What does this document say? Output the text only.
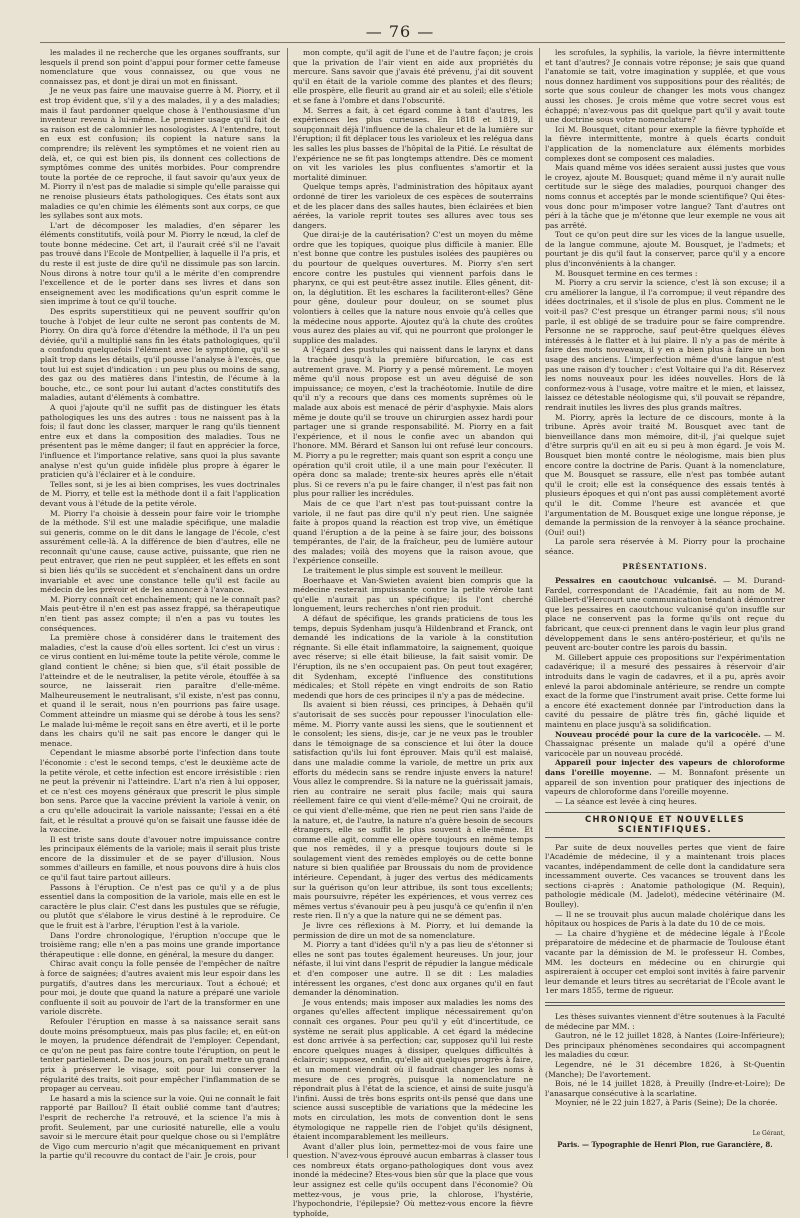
— 76 —

les malades il ne recherche que les organes souffrants, sur lesquels il prend son point d'appui pour former cette fameuse nomenclature que vous connaissez, ou que vous ne connaissez pas, et dont je dirai un mot en finissant.

Je ne veux pas faire une mauvaise guerre à M. Piorry, et il est trop évident que, s'il y a des malades, il y a des maladies; mais il faut pardonner quelque chose à l'enthousiasme d'un inventeur revenu à lui-même. Le premier usage qu'il fait de sa raison est de calomnier les nosologistes. A l'entendre, tout en eux est confusion; ils copient la nature sans la comprendre; ils relèvent les symptômes et ne voient rien au delà, et, ce qui est bien pis, ils donnent ces collections de symptômes comme des unités morbides. Pour comprendre toute la portée de ce reproche, il faut savoir qu'aux yeux de M. Piorry il n'est pas de maladie si simple qu'elle paraisse qui ne renoise plusieurs états pathologiques. Ces états sont aux maladies ce qu'en chimie les éléments sont aux corps, ce que les syllabes sont aux mots.

L'art de décomposer les maladies, d'en séparer les éléments constitutifs, voilà pour M. Piorry le nœud, la clef de toute bonne médecine. Cet art, il l'aurait créé s'il ne l'avait pas trouvé dans l'Ecole de Montpellier, à laquelle il l'a pris, et du reste il est juste de dire qu'il ne dissimule pas son larcin. Nous dirons à notre tour qu'il a le mérite d'en comprendre l'excellence et de le porter dans ses livres et dans son enseignement avec les modifications qu'un esprit comme le sien imprime à tout ce qu'il touche.

Des esprits superstitieux qui ne peuvent souffrir qu'on touche à l'objet de leur culte ne seront pas contents de M. Piorry. On dira qu'à force d'étendre la méthode, il l'a un peu déviée, qu'il a multiplié sans fin les états pathologiques, qu'il a confondu quelquefois l'élément avec le symptôme, qu'il se plaît trop dans les détails, qu'il pousse l'analyse à l'excès, que tout lui est sujet d'indication : un peu plus ou moins de sang, des gaz ou des matières dans l'intestin, de l'écume à la bouche, etc., ce sont pour lui autant d'actes constitutifs des maladies, autant d'éléments à combattre.

A quoi j'ajoute qu'il ne suffit pas de distinguer les états pathologiques les uns des autres : tous ne naissent pas à la fois; il faut donc les classer, marquer le rang qu'ils tiennent entre eux et dans la composition des maladies. Tous ne présentent pas le même danger; il faut en apprécier la force, l'influence et l'importance relative, sans quoi la plus savante analyse n'est qu'un guide infidèle plus propre à égarer le praticien qu'à l'éclairer et à le conduire.

Telles sont, si je les ai bien comprises, les vues doctrinales de M. Piorry, et telle est la méthode dont il a fait l'application devant vous à l'étude de la petite vérole.

M. Piorry l'a choisie à dessein pour faire voir le triomphe de la méthode. S'il est une maladie spécifique, une maladie sui generis, comme on le dit dans le langage de l'école, c'est assurément celle-là. A la différence de bien d'autres, elle ne reconnaît qu'une cause, cause active, puissante, que rien ne peut entraver, que rien ne peut suppléer, et les effets en sont si bien liés qu'ils se succèdent et s'enchaînent dans un ordre invariable et avec une constance telle qu'il est facile au médecin de les prévoir et de les annoncer à l'avance.

M. Piorry connaît cet enchaînement; qui ne le connaît pas? Mais peut-être il n'en est pas assez frappé, sa thérapeutique n'en tient pas assez compte; il n'en a pas vu toutes les conséquences.

La première chose à considérer dans le traitement des maladies, c'est la cause d'où elles sortent. Ici c'est un virus : ce virus contient en lui-même toute la petite vérole, comme le gland contient le chêne; si bien que, s'il était possible de l'atteindre et de le neutraliser, la petite vérole, étouffée à sa source, ne laisserait rien paraître d'elle-même. Malheureusement le neutralisant, s'il existe, n'est pas connu, et quand il le serait, nous n'en pourrions pas faire usage. Comment atteindre un miasme qui se dérobe à tous les sens? Le malade lui-même le reçoit sans en être averti, et il le porte dans les chairs qu'il ne sait pas encore le danger qui le menace.

Cependant le miasme absorbé porte l'infection dans toute l'économie : c'est le second temps, c'est le deuxième acte de la petite vérole, et cette infection est encore irrésistible : rien ne peut la prévenir ni l'atteindre. L'art n'a rien à lui opposer, et ce n'est ces moyens généraux que prescrit le plus simple bon sens. Parce que la vaccine prévient la variole à venir, on a cru qu'elle adoucirait la variole naissante; l'essai en a été fait, et le résultat a prouvé qu'on se faisait une fausse idée de la vaccine.

Il est triste sans doute d'avouer notre impuissance contre les principaux éléments de la variole; mais il serait plus triste encore de la dissimuler et de se payer d'illusion. Nous sommes d'ailleurs en famille, et nous pouvons dire à huis clos ce qu'il faut taire partout ailleurs.

Passons à l'éruption. Ce n'est pas ce qu'il y a de plus essentiel dans la composition de la variole, mais elle en est le caractère le plus clair. C'est dans les pustules que se réfugie, ou plutôt que s'élabore le virus destiné à le reproduire. Ce que le fruit est à l'arbre, l'éruption l'est à la variole.

Dans l'ordre chronologique, l'éruption n'occupe que le troisième rang; elle n'en a pas moins une grande importance thérapeutique : elle donne, en général, la mesure du danger.

Chirac avait conçu la folle pensée de l'empêcher de naître à force de saignées; d'autres avaient mis leur espoir dans les purgatifs, d'autres dans les mercuriaux. Tout a échoué; et pour moi, je doute que quand la nature a préparé une variole confluente il soit au pouvoir de l'art de la transformer en une variole discrète.

Refouler l'éruption en masse à sa naissance serait sans doute moins présomptueux, mais pas plus facile; et, en eût-on le moyen, la prudence défendrait de l'employer. Cependant, ce qu'on ne peut pas faire contre toute l'éruption, on peut le tenter partiellement. De nos jours, on paraît mettre un grand prix à préserver le visage, soit pour lui conserver la régularité des traits, soit pour empêcher l'inflammation de se propager au cerveau.

Le hasard a mis la science sur la voie. Qui ne connaît le fait rapporté par Baillou? Il était oublié comme tant d'autres; l'esprit de recherche l'a retrouvé, et la science l'a mis à profit. Seulement, par une curiosité naturelle, elle a voulu savoir si le mercure était pour quelque chose ou si l'emplâtre de Vigo cum mercurio n'agit que mécaniquement en privant la partie qu'il recouvre du contact de l'air. Je crois, pour

mon compte, qu'il agit de l'une et de l'autre façon; je crois que la privation de l'air vient en aide aux propriétés du mercure. Sans savoir que j'avais été prévenu, j'ai dit souvent qu'il en était de la variole comme des plantes et des fleurs; elle prospère, elle fleurit au grand air et au soleil; elle s'étiole et se fane à l'ombre et dans l'obscurité.

M. Serres a fait, à cet égard comme à tant d'autres, les expériences les plus curieuses. En 1818 et 1819, il soupçonnait déjà l'influence de la chaleur et de la lumière sur l'éruption; il fit déplacer tous les varioleux et les relégua dans les salles les plus basses de l'hôpital de la Pitié. Le résultat de l'expérience ne se fit pas longtemps attendre. Dès ce moment on vit les varioles les plus confluentes s'amortir et la mortalité diminuer.

Quelque temps après, l'administration des hôpitaux ayant ordonné de tirer les varioleux de ces espèces de souterrains et de les placer dans des salles hautes, bien éclairées et bien aérées, la variole reprit toutes ses allures avec tous ses dangers.

Que dirai-je de la cautérisation? C'est un moyen du même ordre que les topiques, quoique plus difficile à manier. Elle n'est bonne que contre les pustules isolées des paupières ou du pourtour de quelques ouvertures. M. Piorry s'en sert encore contre les pustules qui viennent parfois dans le pharynx, ce qui est peut-être assez inutile. Elles gênent, dit-on, la déglutition. Et les eschares la faciliteront-elles? Gêne pour gêne, douleur pour douleur, on se soumet plus volontiers à celles que la nature nous envoie qu'à celles que la médecine nous apporte. Ajoutez qu'à la chute des croûtes vous aurez des plaies au vif, qui ne pourront que prolonger le supplice des malades.

A l'égard des pustules qui naissent dans le larynx et dans la trachée jusqu'à la première bifurcation, le cas est autrement grave. M. Piorry y a pensé mûrement. Le moyen même qu'il nous propose est un aveu déguisé de son impuissance; ce moyen, c'est la trachéotomie. Inutile de dire qu'il n'y a recours que dans ces moments suprêmes où le malade aux abois est menacé de périr d'asphyxie. Mais alors même je doute qu'il se trouve un chirurgien assez hardi pour partager une si grande responsabilité. M. Piorry en a fait l'expérience, et il nous le confie avec un abandon qui l'honore. MM. Bérard et Sanson lui ont refusé leur concours. M. Piorry a pu le regretter; mais quant son esprit a conçu une opération qu'il croit utile, il a une main pour l'exécuter. Il opéra donc sa malade; trente-six heures après elle n'était plus. Si ce revers n'a pu le faire changer, il n'est pas fait non plus pour rallier les incrédules.

Mais de ce que l'art n'est pas tout-puissant contre la variole, il ne faut pas dire qu'il n'y peut rien. Une saignée faite à propos quand la réaction est trop vive, un émétique quand l'éruption a de la peine à se faire jour, des boissons tempérantes, de l'air, de la fraîcheur, peu de lumière autour des malades; voilà des moyens que la raison avoue, que l'expérience conseille.

Le traitement le plus simple est souvent le meilleur.

Boerhaave et Van-Swieten avaient bien compris que la médecine resterait impuissante contre la petite vérole tant qu'elle n'aurait pas un spécifique; ils l'ont cherché longuement, leurs recherches n'ont rien produit.

A défaut de spécifique, les grands praticiens de tous les temps, depuis Sydenham jusqu'à Hildenbrand et Franck, ont demandé les indications de la variole à la constitution régnante. Si elle était inflammatoire, la saignement, quoique avec réserve; si elle était bilieuse, la fait saisit vomir. De l'éruption, ils ne s'en occupaient pas. On peut tout exagérer, dit Sydenham, excepté l'influence des constitutions médicales; et Stoll répète en vingt endroits de son Ratio medendi que hors de ces principes il n'y a pas de médecine.

Ils avaient si bien réussi, ces principes, à Dehaën qu'il s'autorisait de ses succès pour repousser l'inoculation elle-même. M. Piorry vante aussi les siens, que le soutiennent et le consolent; les siens, dis-je, car je ne veux pas le troubler dans le témoignage de sa conscience et lui ôter la douce satisfaction qu'ils lui font éprouver. Mais qu'il est malaisé, dans une maladie comme la variole, de mettre un prix aux efforts du médecin sans se rendre injuste envers la nature! Vous allez le comprendre. Si la nature ne la guérissait jamais, rien au contraire ne serait plus facile; mais qui saura réellement faire ce qui vient d'elle-même? Qui ne croirait, de ce qui vient d'elle-même, que rien ne peut rien sans l'aide de la nature, et, de l'autre, la nature n'a guère besoin de secours étrangers, elle se suffit le plus souvent à elle-même. Et comme elle agit, comme elle opère toujours en même temps que nos remèdes, il y a presque toujours doute si le soulagement vient des remèdes employés ou de cette bonne nature si bien qualifiée par Broussais du nom de providence intérieure. Cependant, à juger des vertus des médicaments sur la guérison qu'on leur attribue, ils sont tous excellents; mais poursuivre, répéter les expériences, et vous verrez ces mêmes vertus s'évanouir peu à peu jusqu'à ce qu'enfin il n'en reste rien. Il n'y a que la nature qui ne se dément pas.

Je livre ces réflexions à M. Piorry, et lui demande la permission de dire un mot de sa nomenclature.

M. Piorry a tant d'idées qu'il n'y a pas lieu de s'étonner si elles ne sont pas toutes également heureuses. Un jour, jour néfaste, il lui vint dans l'esprit de répudier la langue médicale et d'en composer une autre. Il se dit : Les maladies intéressent les organes, c'est donc aux organes qu'il en faut demander la dénomination.

Je vous entends; mais imposer aux maladies les noms des organes qu'elles affectent implique nécessairement qu'on connaît ces organes. Pour peu qu'il y eût d'incertitude, ce système ne serait plus applicable. A cet égard la médecine est donc arrivée à sa perfection; car, supposez qu'il lui reste encore quelques nuages à dissiper, quelques difficultés à éclaircir; supposez, enfin, qu'elle ait quelques progrès à faire, et un moment viendrait où il faudrait changer les noms à mesure de ces progrès, puisque la nomenclature ne répondrait plus à l'état de la science, et ainsi de suite jusqu'à l'infini. Aussi de très bons esprits ont-ils pensé que dans une science aussi susceptible de variations que la médecine les mots en circulation, les mots de convention dont le sens étymologique ne rappelle rien de l'objet qu'ils désignent, étaient incomparablement les meilleurs.

Avant d'aller plus loin, permettez-moi de vous faire une question. N'avez-vous éprouvé aucun embarras à classer tous ces nombreux états organo-pathologiques dont vous avez inondé la médecine? Etes-vous bien sûr que la place que vous leur assignez est celle qu'ils occupent dans l'économie? Où mettez-vous, je vous prie, la chlorose, l'hystérie, l'hypochondrie, l'épilepsie? Où mettez-vous encore la fièvre typhoïde,

les scrofules, la syphilis, la variole, la fièvre intermittente et tant d'autres? Je connais votre réponse; je sais que quand l'anatomie se tait, votre imagination y supplée, et que vous nous donnez hardiment vos suppositions pour des réalités; de sorte que sous couleur de changer les mots vous changez aussi les choses. Je crois même que votre secret vous est échappé; n'avez-vous pas dit quelque part qu'il y avait toute une doctrine sous votre nomenclature?

Ici M. Bousquet, citant pour exemple la fièvre typhoïde et la fièvre intermittente, montre à quels écarts conduit l'application de la nomenclature aux éléments morbides complexes dont se composent ces maladies.

Mais quand même vos idées seraient aussi justes que vous le croyez, ajoute M. Bousquet; quand même il n'y aurait nulle certitude sur le siège des maladies, pourquoi changer des noms connus et acceptés par le monde scientifique? Qui êtes-vous donc pour m'imposer votre langue? Tant d'autres ont péri à la tâche que je m'étonne que leur exemple ne vous ait pas arrêté.

Tout ce qu'on peut dire sur les vices de la langue usuelle, de la langue commune, ajoute M. Bousquet, je l'admets; et pourtant je dis qu'il faut la conserver, parce qu'il y a encore plus d'inconvénients à la changer.

M. Bousquet termine en ces termes :

M. Piorry a cru servir la science, c'est là son excuse; il a cru améliorer la langue, il l'a corrompue; il veut répandre des idées doctrinales, et il s'isole de plus en plus. Comment ne le voit-il pas? C'est presque un étranger parmi nous; s'il nous parle, il est obligé de se traduire pour se faire comprendre. Personne ne se rapproche, sauf peut-être quelques élèves intéressés à le flatter et à lui plaire. Il n'y a pas de mérite à faire des mots nouveaux, il y en a bien plus à faire un bon usage des anciens. L'imperfection même d'une langue n'est pas une raison d'y toucher : c'est Voltaire qui l'a dit. Réservez les noms nouveaux pour les idées nouvelles. Hors de là conformez-vous à l'usage, votre maître et le mien, et laissez, laissez ce détestable néologisme qui, s'il pouvait se répandre, rendrait inutiles les livres des plus grands maîtres.

M. Piorry, après la lecture de ce discours, monte à la tribune. Après avoir traité M. Bousquet avec tant de bienveillance dans mon mémoire, dit-il, j'ai quelque sujet d'être surpris qu'il en ait eu si peu à mon égard. Je vois M. Bousquet bien monté contre le néologisme, mais bien plus encore contre la doctrine de Paris. Quant à la nomenclature, que M. Bousquet se rassure, elle n'est pas tombée autant qu'il le croit; elle est la conséquence des essais tentés à plusieurs époques et qui n'ont pas aussi complètement avorté qu'il le dit. Comme l'heure est avancée et que l'argumentation de M. Bousquet exige une longue réponse, je demande la permission de la renvoyer à la séance prochaine. (Oui! oui!)

La parole sera réservée à M. Piorry pour la prochaine séance.

PRÉSENTATIONS.

Pessaires en caoutchouc vulcanisé. — M. Durand-Fardel, correspondant de l'Académie, fait au nom de M. Gillebert-d'Hercourt une communication tendant à démontrer que les pessaires en caoutchouc vulcanisé qu'on insuffle sur place ne conservent pas la forme qu'ils ont reçue du fabricant, que ceux-ci prennent dans le vagin leur plus grand développement dans le sens antéro-postérieur, et qu'ils ne peuvent arc-bouter contre les parois du bassin.

M. Gillebert appuie ces propositions sur l'expérimentation cadavérique; il a mesuré des pessaires à réservoir d'air introduits dans le vagin de cadavres, et il a pu, après avoir enlevé la paroi abdominale antérieure, se rendre un compte exact de la forme que l'instrument avait prise. Cette forme lui a encore été exactement donnée par l'introduction dans la cavité du pessaire de plâtre très fin, gâché liquide et maintenu en place jusqu'à sa solidification.

Nouveau procédé pour la cure de la varicocèle. — M. Chassaignac présente un malade qu'il a opéré d'une varicocèle par un nouveau procédé.

Appareil pour injecter des vapeurs de chloroforme dans l'oreille moyenne. — M. Bonnafont présente un appareil de son invention pour pratiquer des injections de vapeurs de chloroforme dans l'oreille moyenne.

— La séance est levée à cinq heures.

CHRONIQUE ET NOUVELLES SCIENTIFIQUES.

Par suite de deux nouvelles pertes que vient de faire l'Académie de médecine, il y a maintenant trois places vacantes, indépendamment de celle dont la candidature sera incessamment ouverte. Ces vacances se trouvent dans les sections ci-après : Anatomie pathologique (M. Requin), pathologie médicale (M. Jadelot), médecine vétérinaire (M. Boulley).

— Il ne se trouvait plus aucun malade cholérique dans les hôpitaux ou hospices de Paris à la date du 10 de ce mois.

— La chaire d'hygiène et de médecine légale à l'École préparatoire de médecine et de pharmacie de Toulouse étant vacante par la démission de M. le professeur H. Combes, MM. les docteurs en médecine ou en chirurgie qui aspireraient à occuper cet emploi sont invités à faire parvenir leur demande et leurs titres au secrétariat de l'École avant le 1er mars 1855, terme de rigueur.

Les thèses suivantes viennent d'être soutenues à la Faculté de médecine par MM. :

Gautron, né le 12 juillet 1828, à Nantes (Loire-Inférieure); Des principaux phénomènes secondaires qui accompagnent les maladies du cœur.

Legendre, né le 31 décembre 1826, à St-Quentin (Manche); De l'avortement.

Bois, né le 14 juillet 1828, à Preuilly (Indre-et-Loire); De l'anasarque consécutive à la scarlatine.

Moynier, né le 22 juin 1827, à Paris (Seine); De la chorée.

Le Gérant,
Paris. — Typographie de Henri Plon, rue Garancière, 8.
